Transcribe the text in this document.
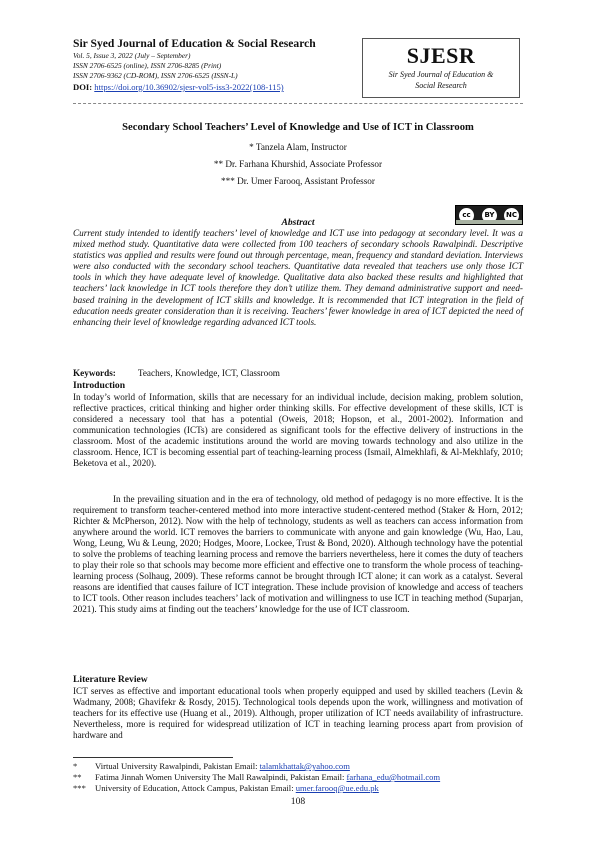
Sir Syed Journal of Education & Social Research
Vol. 5, Issue 3, 2022 (July – September)
ISSN 2706-6525 (online), ISSN 2706-8285 (Print)
ISSN 2706-9362 (CD-ROM), ISSN 2706-6525 (ISSN-L)
DOI: https://doi.org/10.36902/sjesr-vol5-iss3-2022(108-115)
SJESR
Sir Syed Journal of Education &
Social Research
Secondary School Teachers’ Level of Knowledge and Use of ICT in Classroom
* Tanzela Alam, Instructor
** Dr. Farhana Khurshid, Associate Professor
*** Dr. Umer Farooq, Assistant Professor
cc	BY	NC
Abstract
Current study intended to identify teachers’ level of knowledge and ICT use into pedagogy at secondary level. It was a mixed method study. Quantitative data were collected from 100 teachers of secondary schools Rawalpindi. Descriptive statistics was applied and results were found out through percentage, mean, frequency and standard deviation. Interviews were also conducted with the secondary school teachers. Quantitative data revealed that teachers use only those ICT tools in which they have adequate level of knowledge. Qualitative data also backed these results and highlighted that teachers’ lack knowledge in ICT tools therefore they don’t utilize them. They demand administrative support and need-based training in the development of ICT skills and knowledge. It is recommended that ICT integration in the field of education needs greater consideration than it is receiving. Teachers’ fewer knowledge in area of ICT depicted the need of enhancing their level of knowledge regarding advanced ICT tools.
Keywords: Teachers, Knowledge, ICT, Classroom
Introduction
In today’s world of Information, skills that are necessary for an individual include, decision making, problem solution, reflective practices, critical thinking and higher order thinking skills. For effective development of these skills, ICT is considered a necessary tool that has a potential (Oweis, 2018; Hopson, et al., 2001-2002). Information and communication technologies (ICTs) are considered as significant tools for the effective delivery of instructions in the classroom. Most of the academic institutions around the world are moving towards technology and also utilize in the classroom. Hence, ICT is becoming essential part of teaching-learning process (Ismail, Almekhlafi, & Al-Mekhlafy, 2010; Beketova et al., 2020).
In the prevailing situation and in the era of technology, old method of pedagogy is no more effective. It is the requirement to transform teacher-centered method into more interactive student-centered method (Staker & Horn, 2012; Richter & McPherson, 2012). Now with the help of technology, students as well as teachers can access information from anywhere around the world. ICT removes the barriers to communicate with anyone and gain knowledge (Wu, Hao, Lau, Wong, Leung, Wu & Leung, 2020; Hodges, Moore, Lockee, Trust & Bond, 2020). Although technology have the potential to solve the problems of teaching learning process and remove the barriers nevertheless, here it comes the duty of teachers to play their role so that schools may become more efficient and effective one to transform the whole process of teaching-learning process (Solhaug, 2009). These reforms cannot be brought through ICT alone; it can work as a catalyst. Several reasons are identified that causes failure of ICT integration. These include provision of knowledge and access of teachers to ICT tools. Other reason includes teachers’ lack of motivation and willingness to use ICT in teaching method (Suparjan, 2021). This study aims at finding out the teachers’ knowledge for the use of ICT classroom.
Literature Review
ICT serves as effective and important educational tools when properly equipped and used by skilled teachers (Levin & Wadmany, 2008; Ghavifekr & Rosdy, 2015). Technological tools depends upon the work, willingness and motivation of teachers for its effective use (Huang et al., 2019). Although, proper utilization of ICT needs availability of infrastructure. Nevertheless, more is required for widespread utilization of ICT in teaching learning process apart from provision of hardware and
* Virtual University Rawalpindi, Pakistan Email: talamkhattak@yahoo.com
** Fatima Jinnah Women University The Mall Rawalpindi, Pakistan Email: farhana_edu@hotmail.com
*** University of Education, Attock Campus, Pakistan Email: umer.farooq@ue.edu.pk
108
